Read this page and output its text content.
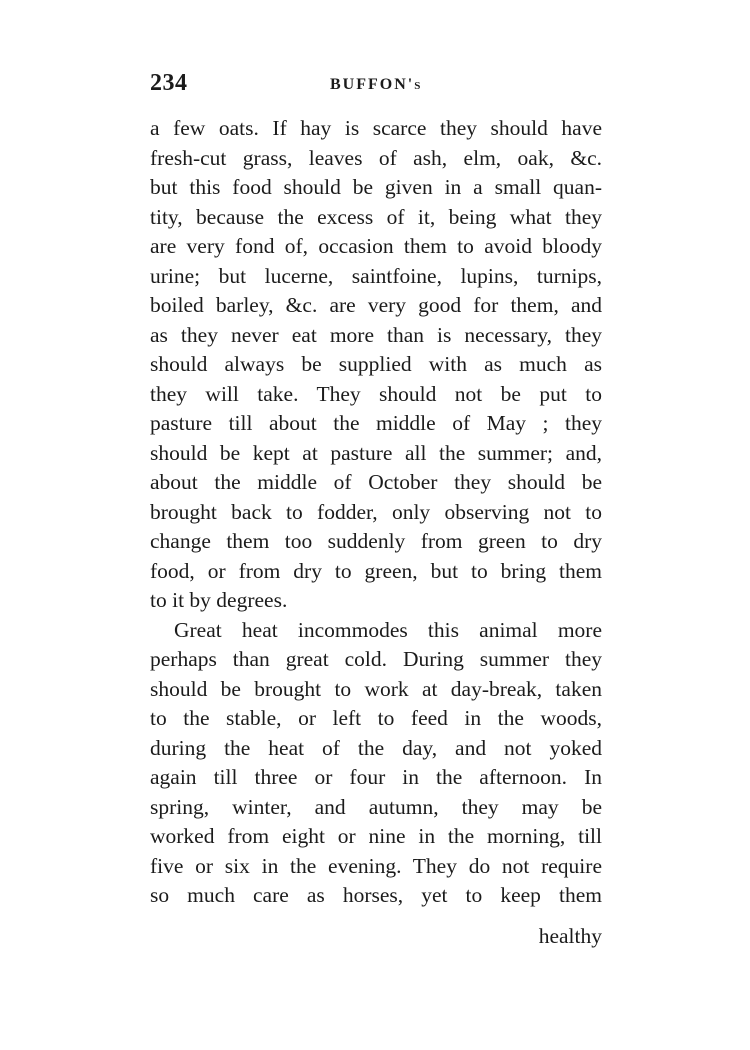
234	BUFFON's
a few oats. If hay is scarce they should have
fresh-cut grass, leaves of ash, elm, oak, &c.
but this food should be given in a small quan-
tity, because the excess of it, being what they
are very fond of, occasion them to avoid bloody
urine; but lucerne, saintfoine, lupins, turnips,
boiled barley, &c. are very good for them, and
as they never eat more than is necessary, they
should always be supplied with as much as
they will take. They should not be put to
pasture till about the middle of May ; they
should be kept at pasture all the summer; and,
about the middle of October they should be
brought back to fodder, only observing not to
change them too suddenly from green to dry
food, or from dry to green, but to bring them
to it by degrees.
Great heat incommodes this animal more
perhaps than great cold. During summer they
should be brought to work at day-break, taken
to the stable, or left to feed in the woods,
during the heat of the day, and not yoked
again till three or four in the afternoon. In
spring, winter, and autumn, they may be
worked from eight or nine in the morning, till
five or six in the evening. They do not require
so much care as horses, yet to keep them
healthy
